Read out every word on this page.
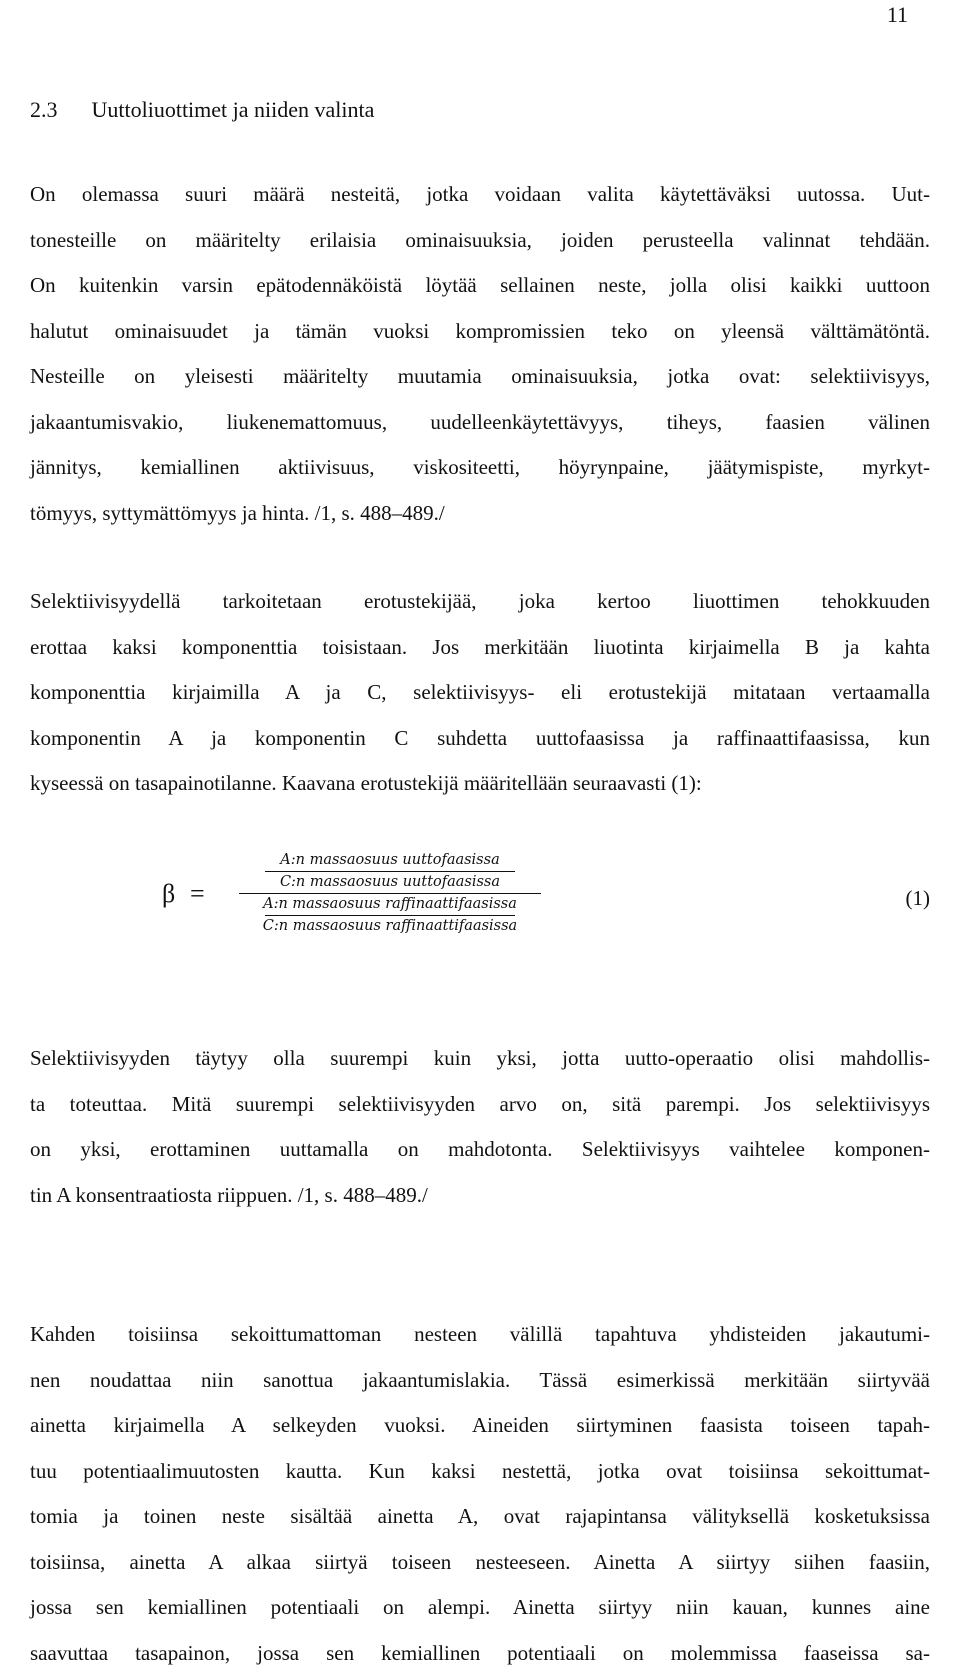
11
2.3 Uuttoliuottimet ja niiden valinta
On olemassa suuri määrä nesteitä, jotka voidaan valita käytettäväksi uutossa. Uut-
tonesteille on määritelty erilaisia ominaisuuksia, joiden perusteella valinnat tehdään.
On kuitenkin varsin epätodennäköistä löytää sellainen neste, jolla olisi kaikki uuttoon
halutut ominaisuudet ja tämän vuoksi kompromissien teko on yleensä välttämätöntä.
Nesteille on yleisesti määritelty muutamia ominaisuuksia, jotka ovat: selektiivisyys,
jakaantumisvakio, liukenemattomuus, uudelleenkäytettävyys, tiheys, faasien välinen
jännitys, kemiallinen aktiivisuus, viskositeetti, höyrynpaine, jäätymispiste, myrkyt-
tömyys, syttymättömyys ja hinta. /1, s. 488–489./
Selektiivisyydellä tarkoitetaan erotustekijää, joka kertoo liuottimen tehokkuuden
erottaa kaksi komponenttia toisistaan. Jos merkitään liuotinta kirjaimella B ja kahta
komponenttia kirjaimilla A ja C, selektiivisyys- eli erotustekijä mitataan vertaamalla
komponentin A ja komponentin C suhdetta uuttofaasissa ja raffinaattifaasissa, kun
kyseessä on tasapainotilanne. Kaavana erotustekijä määritellään seuraavasti (1):
β =
A:n massaosuus uuttofaasissa
C:n massaosuus uuttofaasissa
A:n massaosuus raffinaattifaasissa
C:n massaosuus raffinaattifaasissa
(1)
Selektiivisyyden täytyy olla suurempi kuin yksi, jotta uutto-operaatio olisi mahdollis-
ta toteuttaa. Mitä suurempi selektiivisyyden arvo on, sitä parempi. Jos selektiivisyys
on yksi, erottaminen uuttamalla on mahdotonta. Selektiivisyys vaihtelee komponen-
tin A konsentraatiosta riippuen. /1, s. 488–489./
Kahden toisiinsa sekoittumattoman nesteen välillä tapahtuva yhdisteiden jakautumi-
nen noudattaa niin sanottua jakaantumislakia. Tässä esimerkissä merkitään siirtyvää
ainetta kirjaimella A selkeyden vuoksi. Aineiden siirtyminen faasista toiseen tapah-
tuu potentiaalimuutosten kautta. Kun kaksi nestettä, jotka ovat toisiinsa sekoittumat-
tomia ja toinen neste sisältää ainetta A, ovat rajapintansa välityksellä kosketuksissa
toisiinsa, ainetta A alkaa siirtyä toiseen nesteeseen. Ainetta A siirtyy siihen faasiin,
jossa sen kemiallinen potentiaali on alempi. Ainetta siirtyy niin kauan, kunnes aine
saavuttaa tasapainon, jossa sen kemiallinen potentiaali on molemmissa faaseissa sa-
